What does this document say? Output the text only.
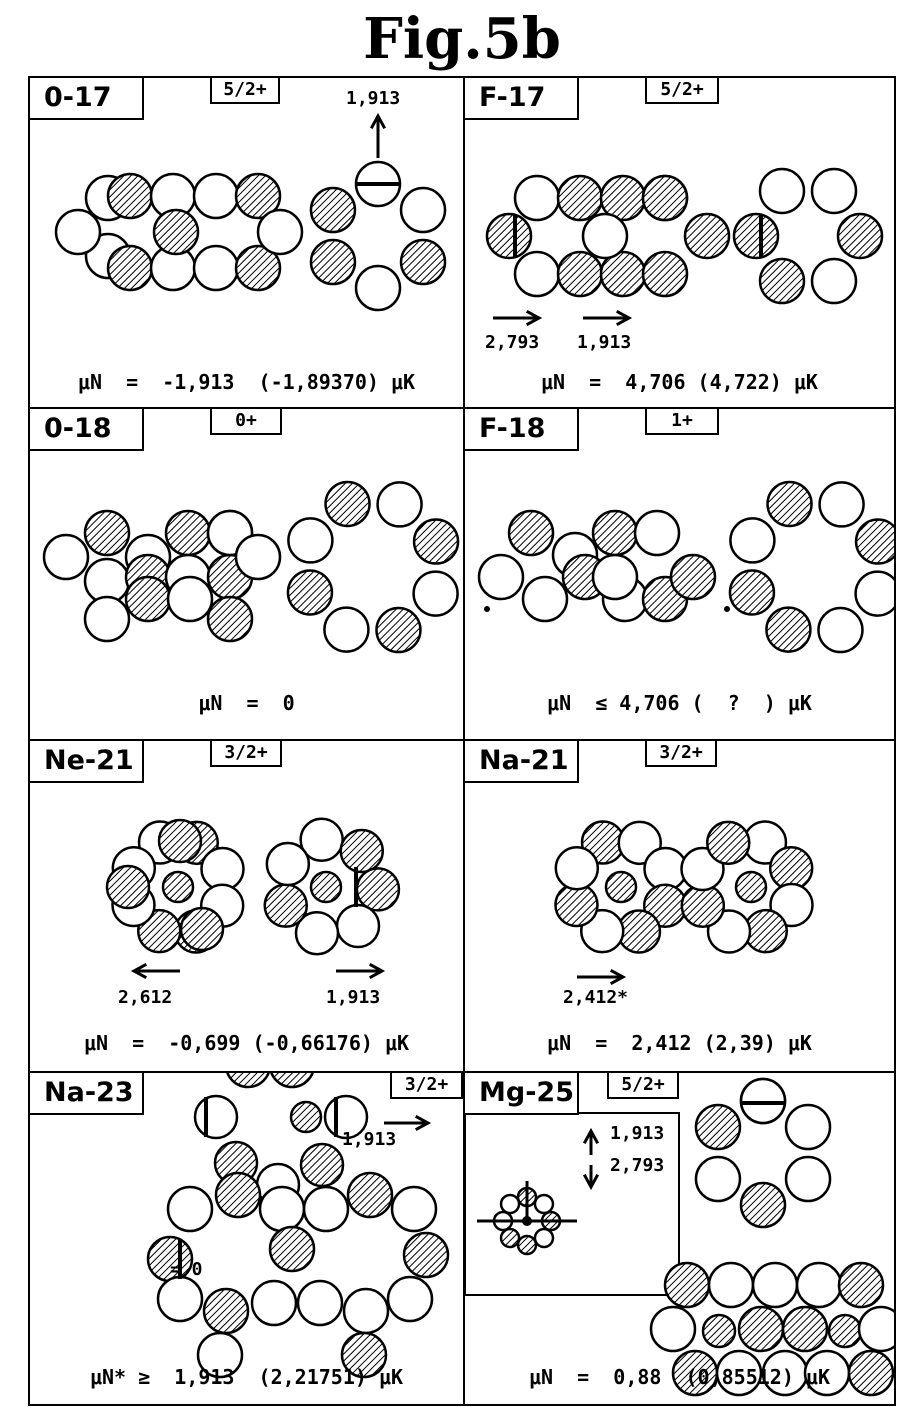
Fig.5b
0-17	5/2+	1,913
μN  =  -1,913  (-1,89370) μK
F-17	5/2+
2,793 1,913
μN  =  4,706 (4,722) μK
0-18	0+
μN  =  0
F-18	1+
μN  ≤ 4,706 (  ?  ) μK
Ne-21	3/2+
2,612	1,913
μN  =  -0,699 (-0,66176) μK
Na-21	3/2+
2,412*
μN  =  2,412 (2,39) μK
Na-23	3/2+
1,913
= 0
μN* ≥  1,913  (2,21751) μK
Mg-25	5/2+
1,913
2,793
μN  =  0,88  (0,85512) μK
